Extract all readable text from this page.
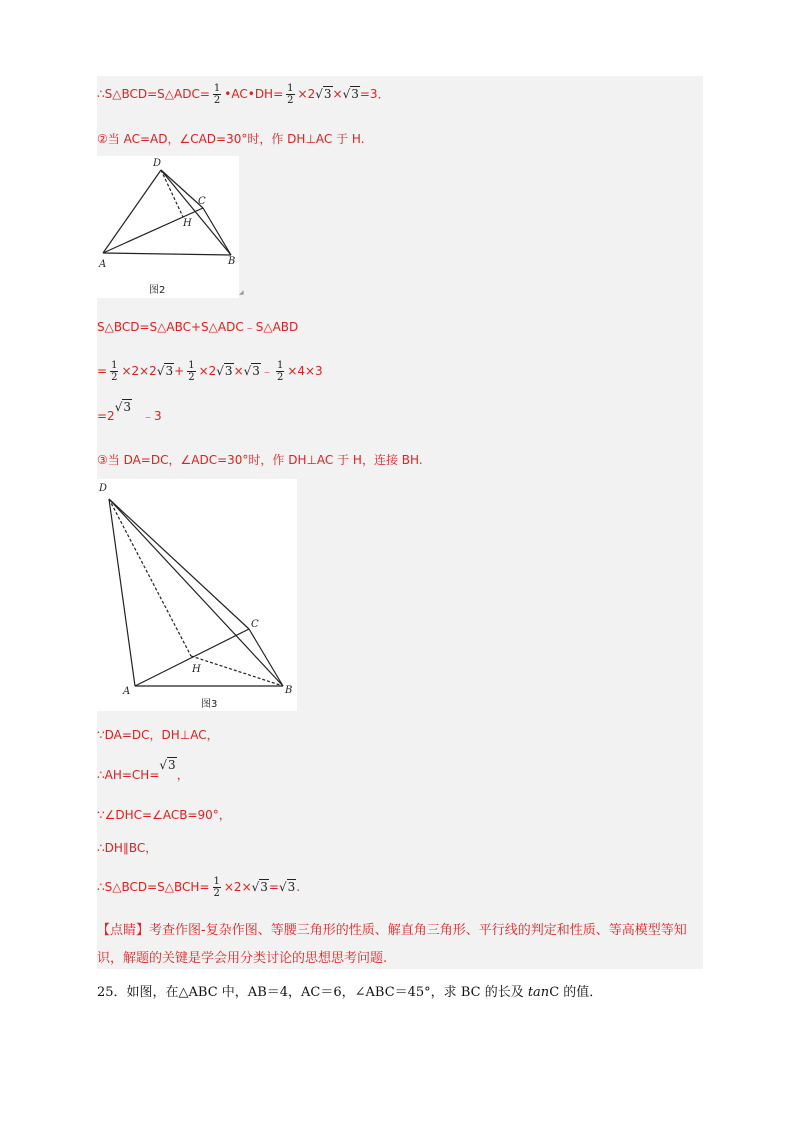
∴S△BCD=S△ADC= $\frac{1}{2}$ •AC•DH= $\frac{1}{2} \times 2√3\times√3=3$．
②当 AC=AD，∠CAD=30°时，作 DH⊥AC 于 H.
D
C
H
A	B
图2	◢
S△BCD=S△ABC+S△ADC﹣S△ABD
= $\frac{1}{2} \times 2\times 2√3+ \frac{1}{2}$ ×2√3×√3﹣ $\frac{1}{2} \times 4\times 3$
=2√3﹣3
③当 DA=DC，∠ADC=30°时，作 DH⊥AC 于 H，连接 BH.
D
C
H
A	B
图3
∵DA=DC，DH⊥AC，
∴AH=CH=√3，
∵∠DHC=∠ACB=90°，
∴DH∥BC，
∴S△BCD=S△BCH= $\frac{1}{2} \times 2\times√3=√3$.
【点睛】考查作图-复杂作图、等腰三角形的性质、解直角三角形、平行线的判定和性质、等高模型等知识，解题的关键是学会用分类讨论的思想思考问题.
25．如图，在△ABC 中，AB＝4，AC＝6，∠ABC＝45°，求 BC 的长及 tanC 的值．
